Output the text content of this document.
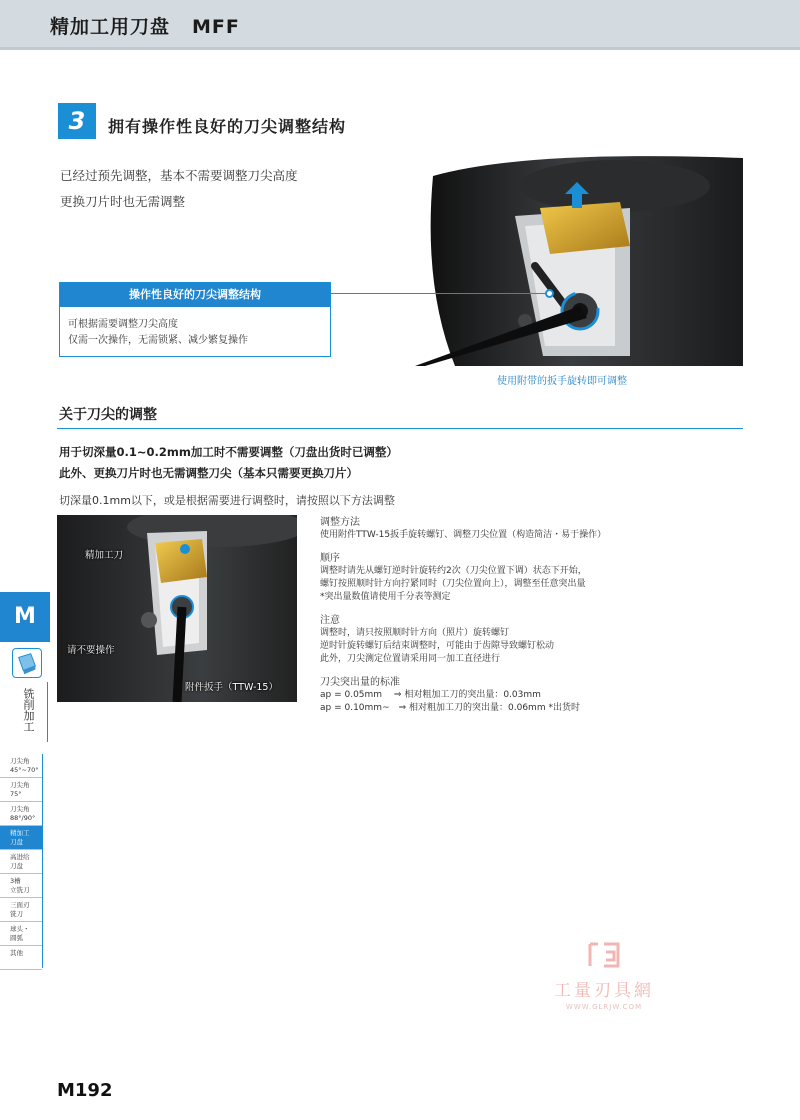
精加工用刀盘 MFF
3	拥有操作性良好的刀尖调整结构
已经过预先调整，基本不需要调整刀尖高度
更换刀片时也无需调整
操作性良好的刀尖调整结构
可根据需要调整刀尖高度
仅需一次操作，无需锁紧、减少繁复操作
使用附带的扳手旋转即可调整
关于刀尖的调整
用于切深量0.1~0.2mm加工时不需要调整（刀盘出货时已调整）
此外、更换刀片时也无需调整刀尖（基本只需要更换刀片）
切深量0.1mm以下，或是根据需要进行调整时，请按照以下方法调整
精加工刀
请不要操作
附件扳手（TTW-15）
调整方法
使用附件TTW-15扳手旋转螺钉、调整刀尖位置（构造简洁・易于操作）
顺序
调整时请先从螺钉逆时针旋转约2次（刀尖位置下调）状态下开始，
螺钉按照顺时针方向拧紧同时（刀尖位置向上），调整至任意突出量
*突出量数值请使用千分表等测定
注意
调整时，请只按照顺时针方向（照片）旋转螺钉
逆时针旋转螺钉后结束调整时，可能由于齿隙导致螺钉松动
此外，刀尖测定位置请采用同一加工直径进行
刀尖突出量的标准
ap = 0.05mm　 ⇒ 相对粗加工刀的突出量：0.03mm
ap = 0.10mm~　⇒ 相对粗加工刀的突出量：0.06mm *出货时
M
铣削加工
刀尖角
45°~70°
刀尖角
75°
刀尖角
88°/90°
精加工
刀盘
高进给
刀盘
3槽
立铣刀
三面刃
铣刀
球头・
圆弧
其他
工量刃具網
WWW.GLRJW.COM
M192
